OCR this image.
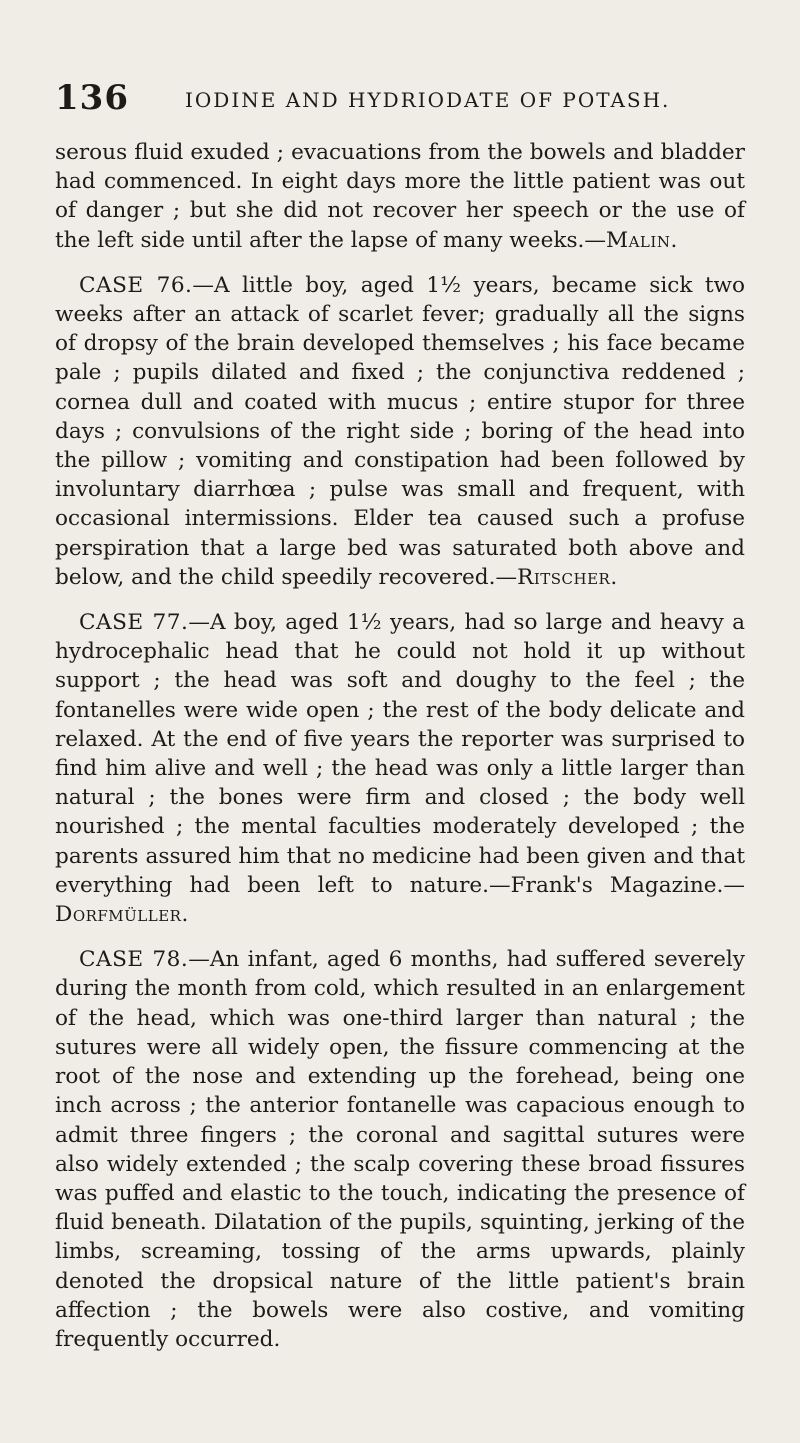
136	IODINE AND HYDRIODATE OF POTASH.

serous fluid exuded ; evacuations from the bowels and bladder had commenced. In eight days more the little patient was out of danger ; but she did not recover her speech or the use of the left side until after the lapse of many weeks.—Malin.

CASE 76.—A little boy, aged 1½ years, became sick two weeks after an attack of scarlet fever; gradually all the signs of dropsy of the brain developed themselves ; his face became pale ; pupils dilated and fixed ; the conjunctiva reddened ; cornea dull and coated with mucus ; entire stupor for three days ; convulsions of the right side ; boring of the head into the pillow ; vomiting and constipation had been followed by involuntary diarrhœa ; pulse was small and frequent, with occasional intermissions. Elder tea caused such a profuse perspiration that a large bed was saturated both above and below, and the child speedily recovered.—Ritscher.

CASE 77.—A boy, aged 1½ years, had so large and heavy a hydrocephalic head that he could not hold it up without support ; the head was soft and doughy to the feel ; the fontanelles were wide open ; the rest of the body delicate and relaxed. At the end of five years the reporter was surprised to find him alive and well ; the head was only a little larger than natural ; the bones were firm and closed ; the body well nourished ; the mental faculties moderately developed ; the parents assured him that no medicine had been given and that everything had been left to nature.—Frank's Magazine.—Dorfmüller.

CASE 78.—An infant, aged 6 months, had suffered severely during the month from cold, which resulted in an enlargement of the head, which was one-third larger than natural ; the sutures were all widely open, the fissure commencing at the root of the nose and extending up the forehead, being one inch across ; the anterior fontanelle was capacious enough to admit three fingers ; the coronal and sagittal sutures were also widely extended ; the scalp covering these broad fissures was puffed and elastic to the touch, indicating the presence of fluid beneath. Dilatation of the pupils, squinting, jerking of the limbs, screaming, tossing of the arms upwards, plainly denoted the dropsical nature of the little patient's brain affection ; the bowels were also costive, and vomiting frequently occurred.
